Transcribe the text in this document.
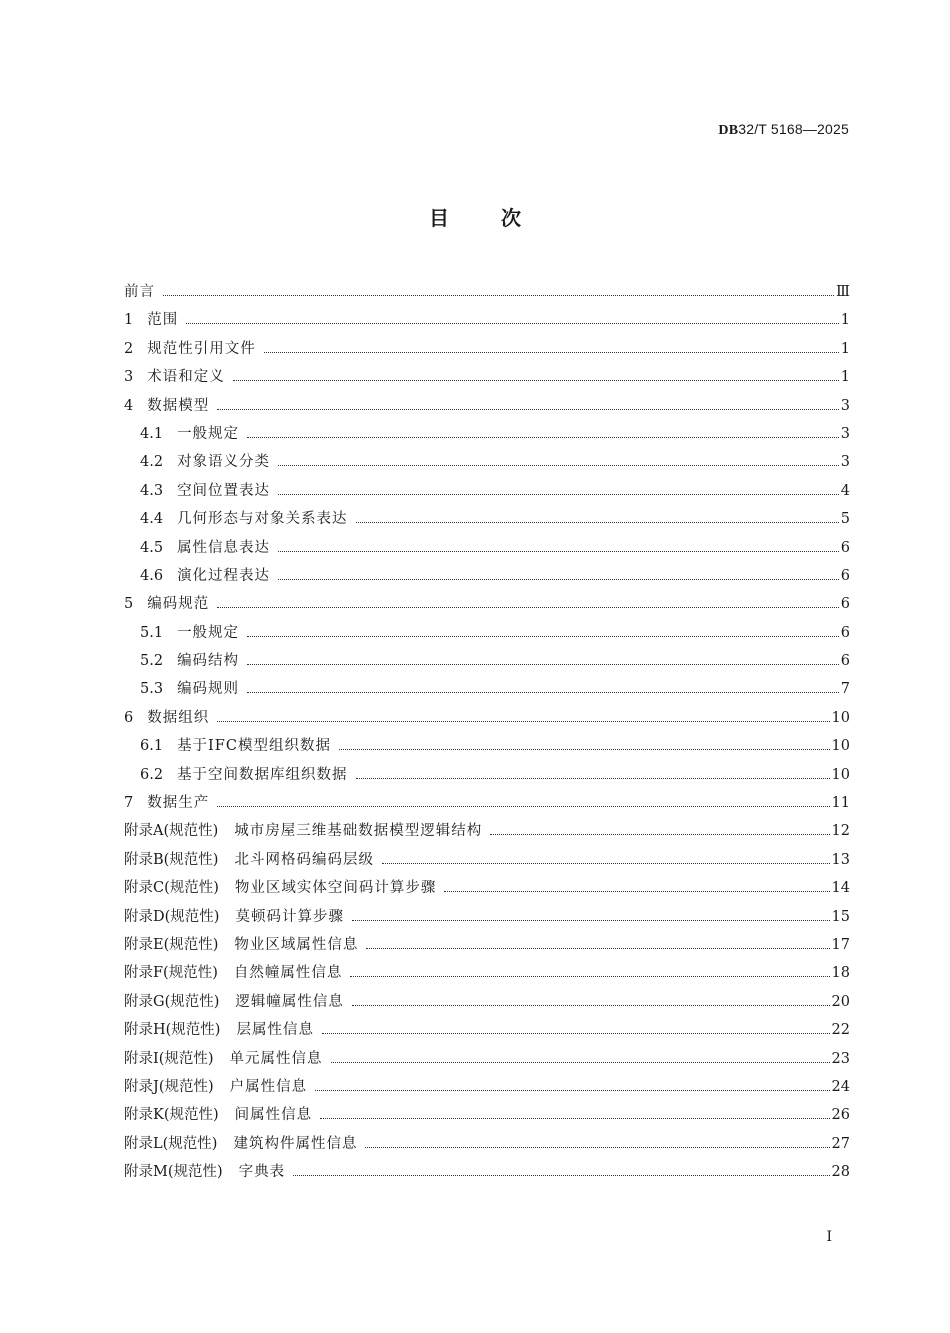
DB32/T 5168—2025
目次
前言	Ⅲ
1 范围	1
2 规范性引用文件	1
3 术语和定义	1
4 数据模型	3
4.1 一般规定	3
4.2 对象语义分类	3
4.3 空间位置表达	4
4.4 几何形态与对象关系表达	5
4.5 属性信息表达	6
4.6 演化过程表达	6
5 编码规范	6
5.1 一般规定	6
5.2 编码结构	6
5.3 编码规则	7
6 数据组织	10
6.1 基于IFC模型组织数据	10
6.2 基于空间数据库组织数据	10
7 数据生产	11
附录A(规范性) 城市房屋三维基础数据模型逻辑结构	12
附录B(规范性) 北斗网格码编码层级	13
附录C(规范性) 物业区域实体空间码计算步骤	14
附录D(规范性) 莫顿码计算步骤	15
附录E(规范性) 物业区域属性信息	17
附录F(规范性) 自然幢属性信息	18
附录G(规范性) 逻辑幢属性信息	20
附录H(规范性) 层属性信息	22
附录I(规范性) 单元属性信息	23
附录J(规范性) 户属性信息	24
附录K(规范性) 间属性信息	26
附录L(规范性) 建筑构件属性信息	27
附录M(规范性) 字典表	28
I
